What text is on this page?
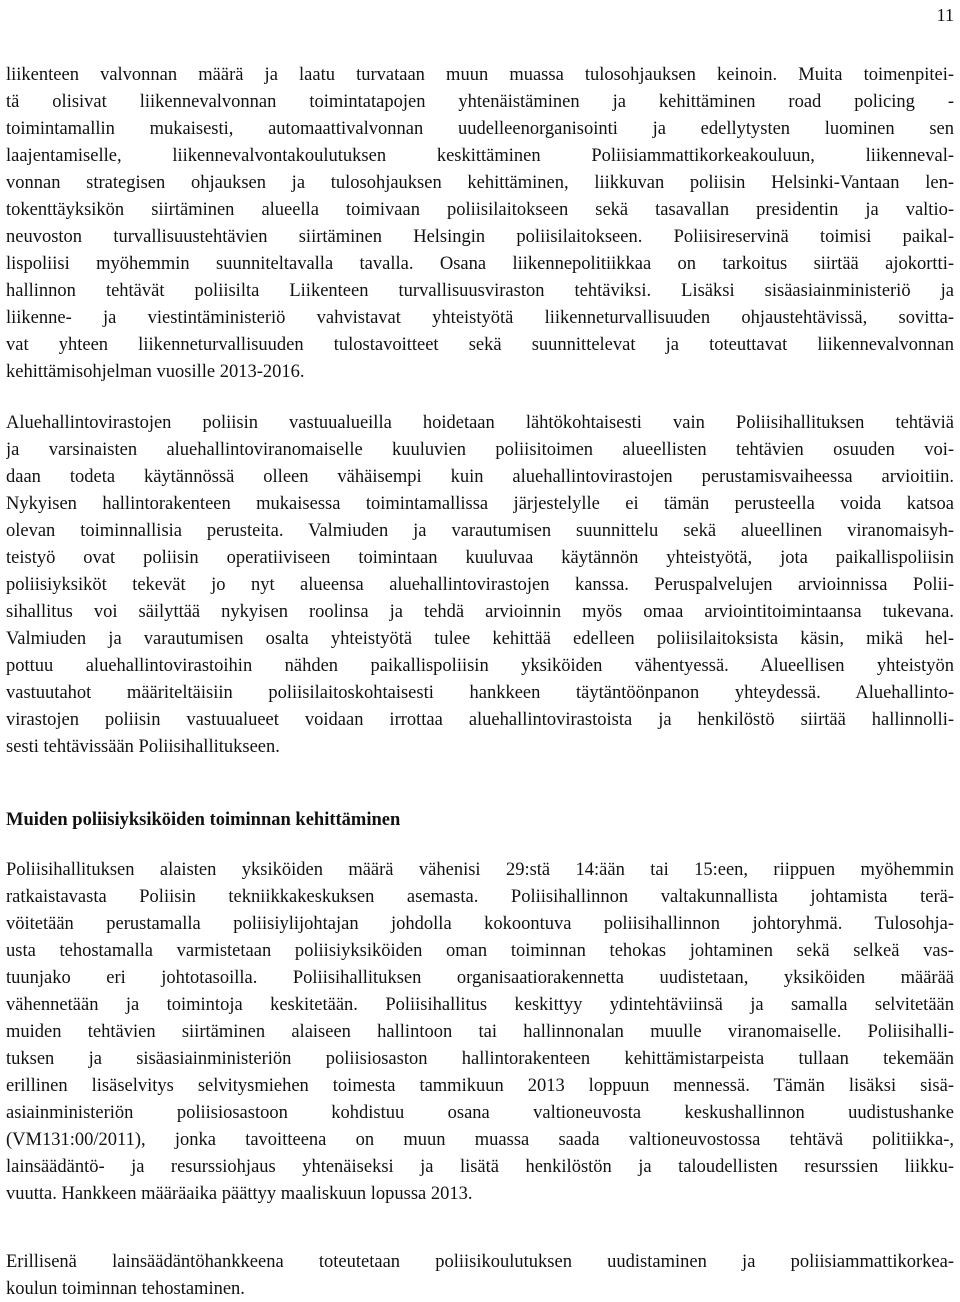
11
liikenteen valvonnan määrä ja laatu turvataan muun muassa tulosohjauksen keinoin. Muita toimenpitei-
tä olisivat liikennevalvonnan toimintatapojen yhtenäistäminen ja kehittäminen road policing -
toimintamallin mukaisesti, automaattivalvonnan uudelleenorganisointi ja edellytysten luominen sen
laajentamiselle, liikennevalvontakoulutuksen keskittäminen Poliisiammattikorkeakouluun, liikenneval-
vonnan strategisen ohjauksen ja tulosohjauksen kehittäminen, liikkuvan poliisin Helsinki-Vantaan len-
tokenttäyksikön siirtäminen alueella toimivaan poliisilaitokseen sekä tasavallan presidentin ja valtio-
neuvoston turvallisuustehtävien siirtäminen Helsingin poliisilaitokseen. Poliisireservinä toimisi paikal-
lispoliisi myöhemmin suunniteltavalla tavalla. Osana liikennepolitiikkaa on tarkoitus siirtää ajokortti-
hallinnon tehtävät poliisilta Liikenteen turvallisuusviraston tehtäviksi. Lisäksi sisäasiainministeriö ja
liikenne- ja viestintäministeriö vahvistavat yhteistyötä liikenneturvallisuuden ohjaustehtävissä, sovitta-
vat yhteen liikenneturvallisuuden tulostavoitteet sekä suunnittelevat ja toteuttavat liikennevalvonnan
kehittämisohjelman vuosille 2013-2016.
Aluehallintovirastojen poliisin vastuualueilla hoidetaan lähtökohtaisesti vain Poliisihallituksen tehtäviä
ja varsinaisten aluehallintoviranomaiselle kuuluvien poliisitoimen alueellisten tehtävien osuuden voi-
daan todeta käytännössä olleen vähäisempi kuin aluehallintovirastojen perustamisvaiheessa arvioitiin.
Nykyisen hallintorakenteen mukaisessa toimintamallissa järjestelylle ei tämän perusteella voida katsoa
olevan toiminnallisia perusteita. Valmiuden ja varautumisen suunnittelu sekä alueellinen viranomaisyh-
teistyö ovat poliisin operatiiviseen toimintaan kuuluvaa käytännön yhteistyötä, jota paikallispoliisin
poliisiyksiköt tekevät jo nyt alueensa aluehallintovirastojen kanssa. Peruspalvelujen arvioinnissa Polii-
sihallitus voi säilyttää nykyisen roolinsa ja tehdä arvioinnin myös omaa arviointitoimintaansa tukevana.
Valmiuden ja varautumisen osalta yhteistyötä tulee kehittää edelleen poliisilaitoksista käsin, mikä hel-
pottuu aluehallintovirastoihin nähden paikallispoliisin yksiköiden vähentyessä. Alueellisen yhteistyön
vastuutahot määriteltäisiin poliisilaitoskohtaisesti hankkeen täytäntöönpanon yhteydessä. Aluehallinto-
virastojen poliisin vastuualueet voidaan irrottaa aluehallintovirastoista ja henkilöstö siirtää hallinnolli-
sesti tehtävissään Poliisihallitukseen.
Muiden poliisiyksiköiden toiminnan kehittäminen
Poliisihallituksen alaisten yksiköiden määrä vähenisi 29:stä 14:ään tai 15:een, riippuen myöhemmin
ratkaistavasta Poliisin tekniikkakeskuksen asemasta. Poliisihallinnon valtakunnallista johtamista terä-
vöitetään perustamalla poliisiylijohtajan johdolla kokoontuva poliisihallinnon johtoryhmä. Tulosohja-
usta tehostamalla varmistetaan poliisiyksiköiden oman toiminnan tehokas johtaminen sekä selkeä vas-
tuunjako eri johtotasoilla. Poliisihallituksen organisaatiorakennetta uudistetaan, yksiköiden määrää
vähennetään ja toimintoja keskitetään. Poliisihallitus keskittyy ydintehtäviinsä ja samalla selvitetään
muiden tehtävien siirtäminen alaiseen hallintoon tai hallinnonalan muulle viranomaiselle. Poliisihalli-
tuksen ja sisäasiainministeriön poliisiosaston hallintorakenteen kehittämistarpeista tullaan tekemään
erillinen lisäselvitys selvitysmiehen toimesta tammikuun 2013 loppuun mennessä. Tämän lisäksi sisä-
asiainministeriön poliisiosastoon kohdistuu osana valtioneuvosta keskushallinnon uudistushanke
(VM131:00/2011), jonka tavoitteena on muun muassa saada valtioneuvostossa tehtävä politiikka-,
lainsäädäntö- ja resurssiohjaus yhtenäiseksi ja lisätä henkilöstön ja taloudellisten resurssien liikku-
vuutta. Hankkeen määräaika päättyy maaliskuun lopussa 2013.
Erillisenä lainsäädäntöhankkeena toteutetaan poliisikoulutuksen uudistaminen ja poliisiammattikorkea-
koulun toiminnan tehostaminen.
